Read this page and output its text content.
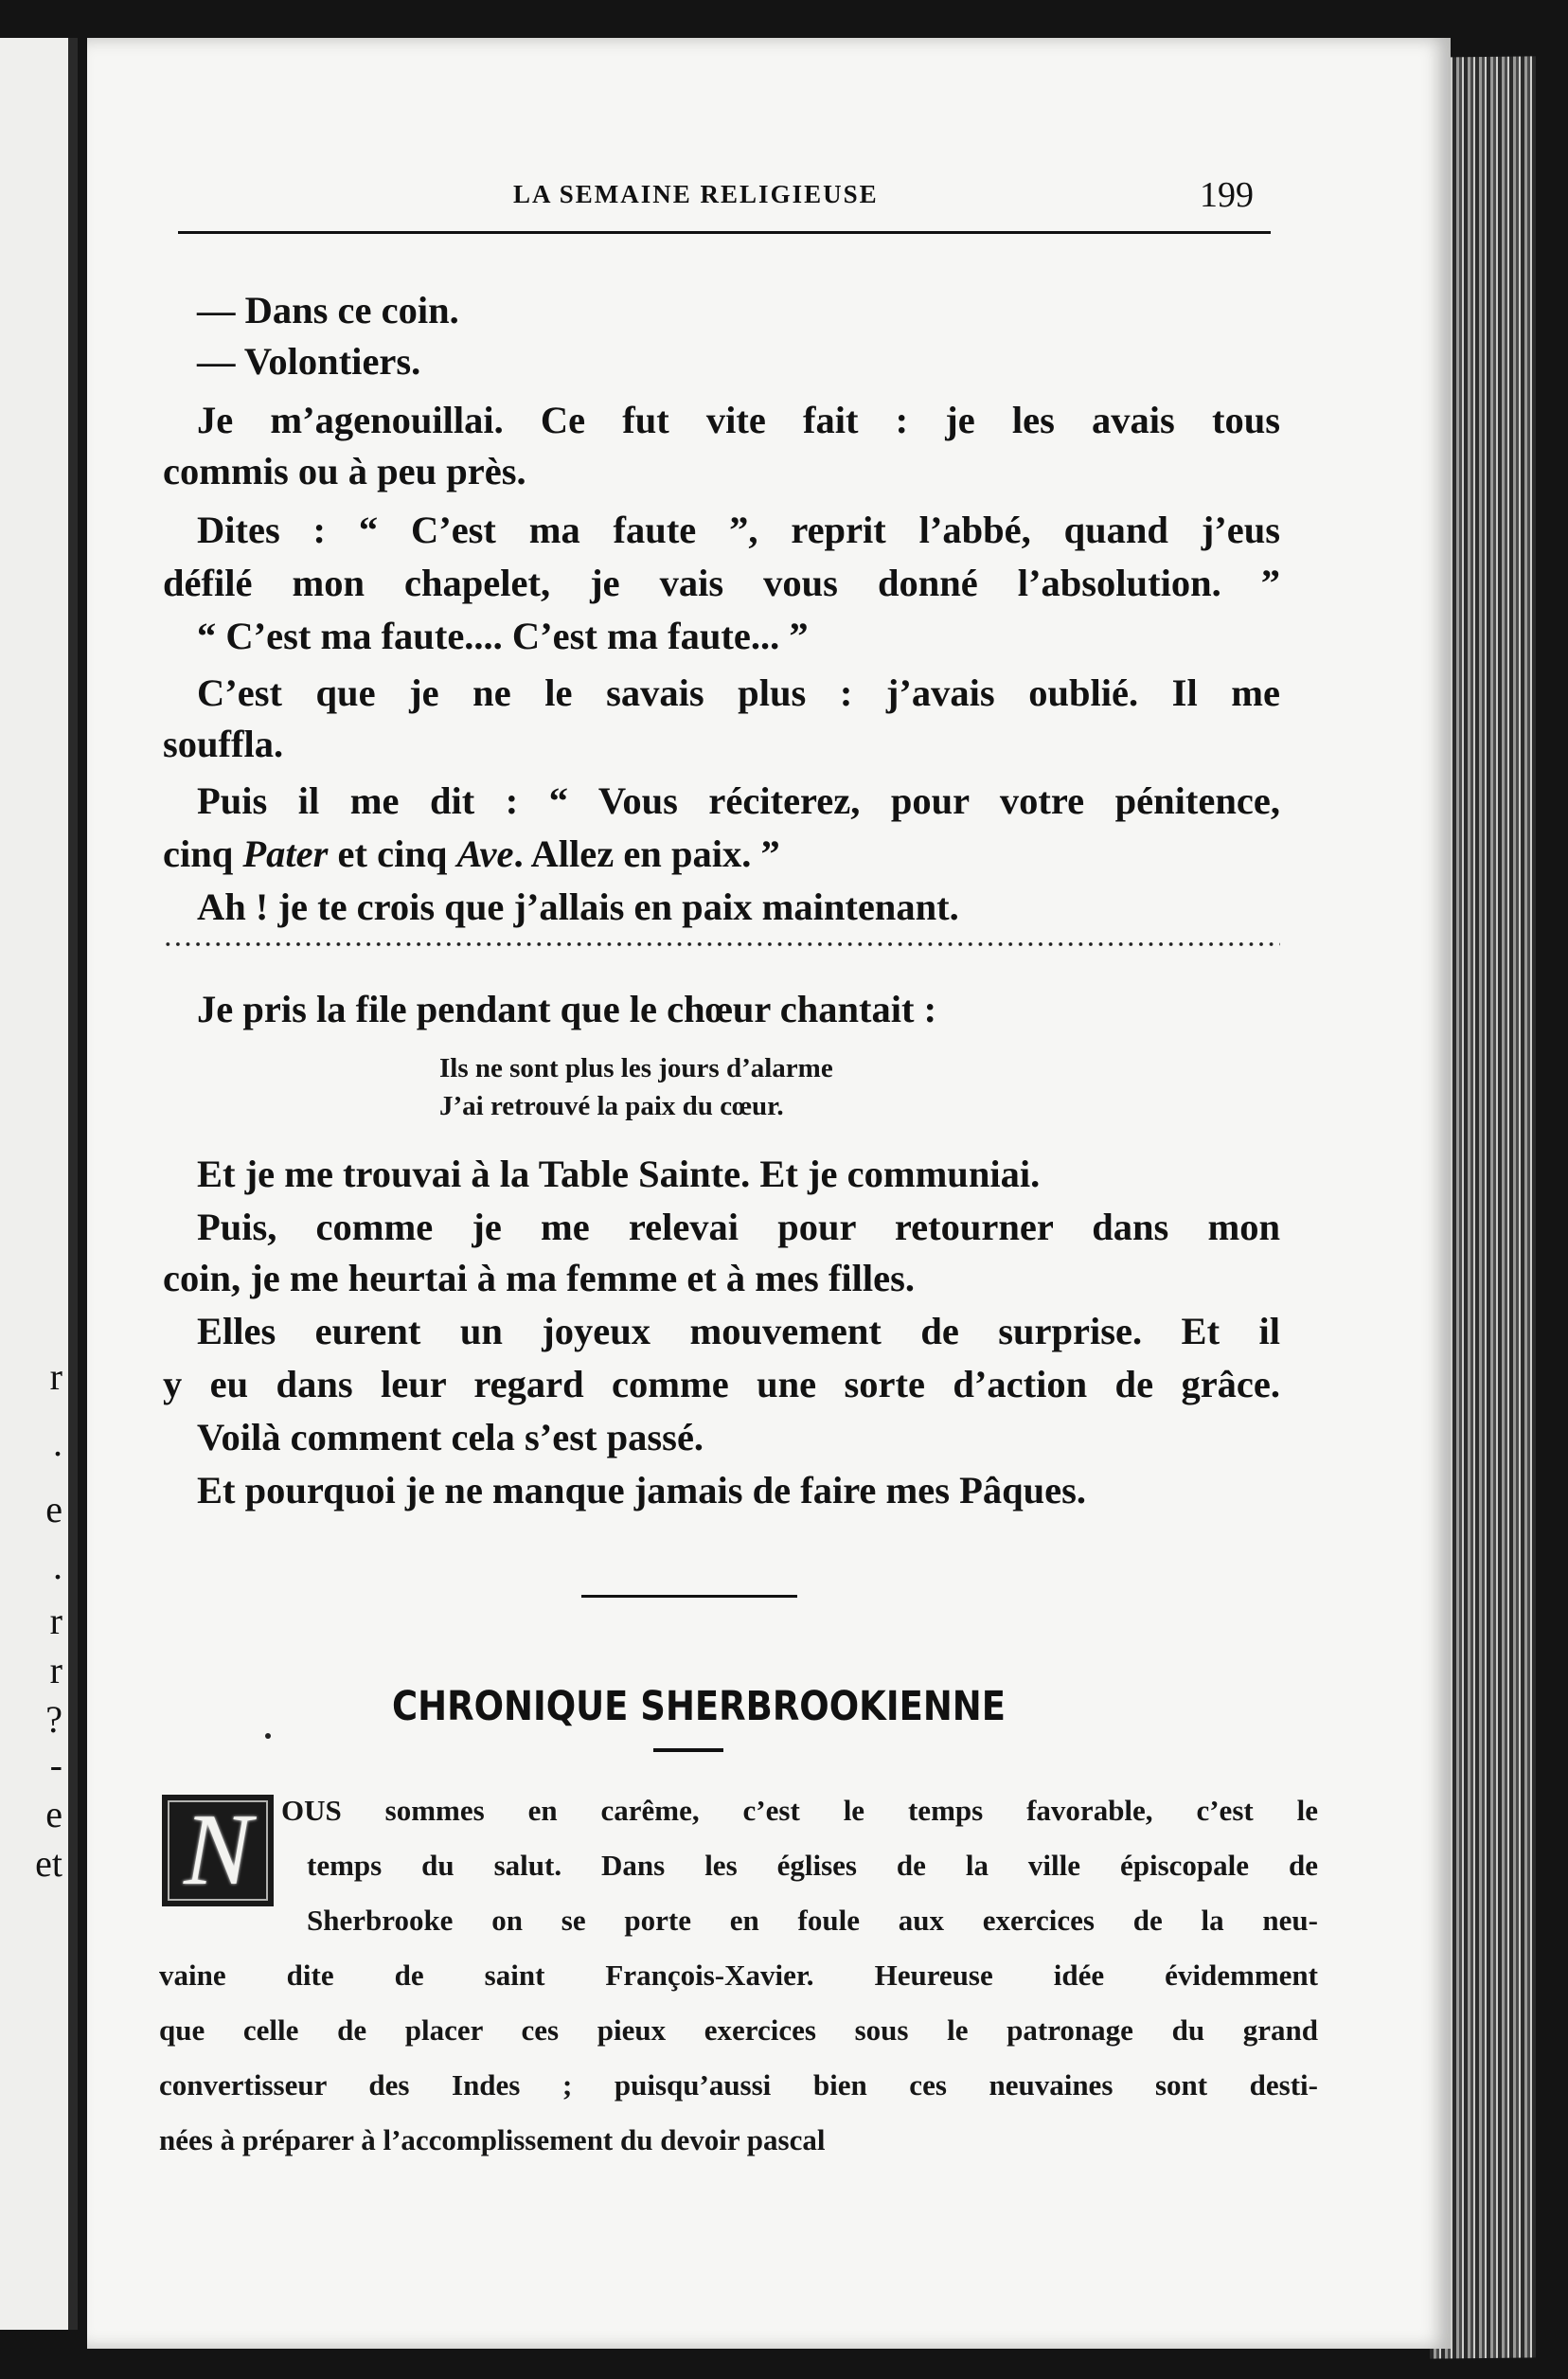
r
.
e
.
r
r
?
-
e
et
LA SEMAINE RELIGIEUSE	199
— Dans ce coin.
— Volontiers.
Je m’agenouillai. Ce fut vite fait : je les avais tous
commis ou à peu près.
Dites : “ C’est ma faute ”, reprit l’abbé, quand j’eus
défilé mon chapelet, je vais vous donné l’absolution. ”
“ C’est ma faute.... C’est ma faute... ”
C’est que je ne le savais plus : j’avais oublié. Il me
souffla.
Puis il me dit : “ Vous réciterez, pour votre pénitence,
cinq Pater et cinq Ave. Allez en paix. ”
Ah ! je te crois que j’allais en paix maintenant.
Je pris la file pendant que le chœur chantait :
Ils ne sont plus les jours d’alarme
J’ai retrouvé la paix du cœur.
Et je me trouvai à la Table Sainte. Et je communiai.
Puis, comme je me relevai pour retourner dans mon
coin, je me heurtai à ma femme et à mes filles.
Elles eurent un joyeux mouvement de surprise. Et il
y eu dans leur regard comme une sorte d’action de grâce.
Voilà comment cela s’est passé.
Et pourquoi je ne manque jamais de faire mes Pâques.
CHRONIQUE SHERBROOKIENNE
N OUS sommes en carême, c’est le temps favorable, c’est le
temps du salut. Dans les églises de la ville épiscopale de
Sherbrooke on se porte en foule aux exercices de la neu-
vaine dite de saint François-Xavier. Heureuse idée évidemment
que celle de placer ces pieux exercices sous le patronage du grand
convertisseur des Indes ; puisqu’aussi bien ces neuvaines sont desti-
nées à préparer à l’accomplissement du devoir pascal
